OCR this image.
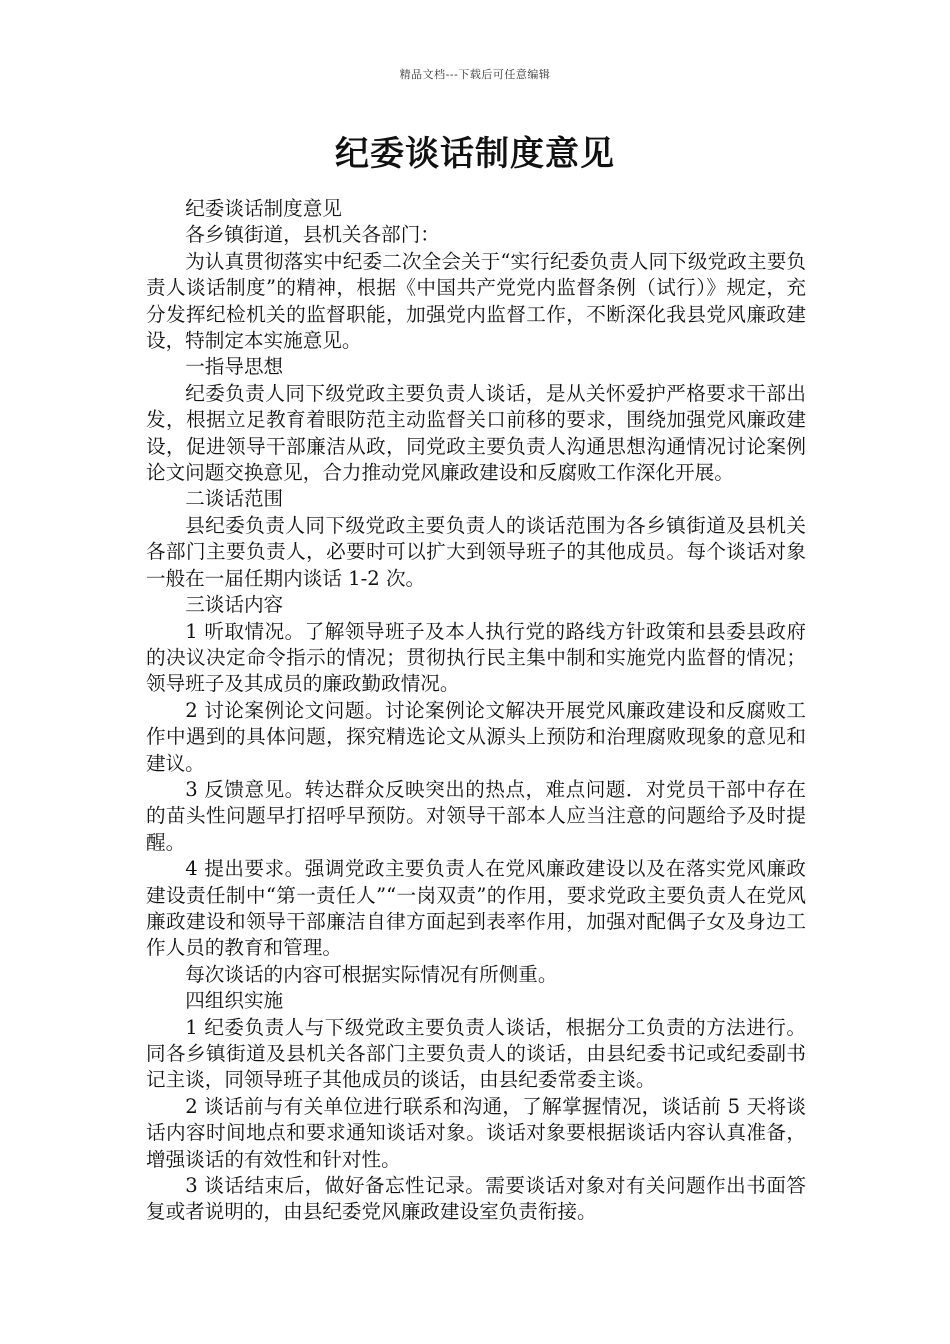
精品文档---下载后可任意编辑
纪委谈话制度意见

纪委谈话制度意见

各乡镇街道，县机关各部门：

为认真贯彻落实中纪委二次全会关于“实行纪委负责人同下级党政主要负责人谈话制度”的精神，根据《中国共产党党内监督条例（试行）》规定，充分发挥纪检机关的监督职能，加强党内监督工作，不断深化我县党风廉政建设，特制定本实施意见。

一指导思想

纪委负责人同下级党政主要负责人谈话，是从关怀爱护严格要求干部出发，根据立足教育着眼防范主动监督关口前移的要求，围绕加强党风廉政建设，促进领导干部廉洁从政，同党政主要负责人沟通思想沟通情况讨论案例论文问题交换意见，合力推动党风廉政建设和反腐败工作深化开展。

二谈话范围

县纪委负责人同下级党政主要负责人的谈话范围为各乡镇街道及县机关各部门主要负责人，必要时可以扩大到领导班子的其他成员。每个谈话对象一般在一届任期内谈话 1-2 次。

三谈话内容

1 听取情况。了解领导班子及本人执行党的路线方针政策和县委县政府的决议决定命令指示的情况；贯彻执行民主集中制和实施党内监督的情况；领导班子及其成员的廉政勤政情况。

2 讨论案例论文问题。讨论案例论文解决开展党风廉政建设和反腐败工作中遇到的具体问题，探究精选论文从源头上预防和治理腐败现象的意见和建议。

3 反馈意见。转达群众反映突出的热点，难点问题．对党员干部中存在的苗头性问题早打招呼早预防。对领导干部本人应当注意的问题给予及时提醒。

4 提出要求。强调党政主要负责人在党风廉政建设以及在落实党风廉政建设责任制中“第一责任人”“一岗双责”的作用，要求党政主要负责人在党风廉政建设和领导干部廉洁自律方面起到表率作用，加强对配偶子女及身边工作人员的教育和管理。

每次谈话的内容可根据实际情况有所侧重。

四组织实施

1 纪委负责人与下级党政主要负责人谈话，根据分工负责的方法进行。同各乡镇街道及县机关各部门主要负责人的谈话，由县纪委书记或纪委副书记主谈，同领导班子其他成员的谈话，由县纪委常委主谈。

2 谈话前与有关单位进行联系和沟通，了解掌握情况，谈话前 5 天将谈话内容时间地点和要求通知谈话对象。谈话对象要根据谈话内容认真准备，增强谈话的有效性和针对性。

3 谈话结束后，做好备忘性记录。需要谈话对象对有关问题作出书面答复或者说明的，由县纪委党风廉政建设室负责衔接。
